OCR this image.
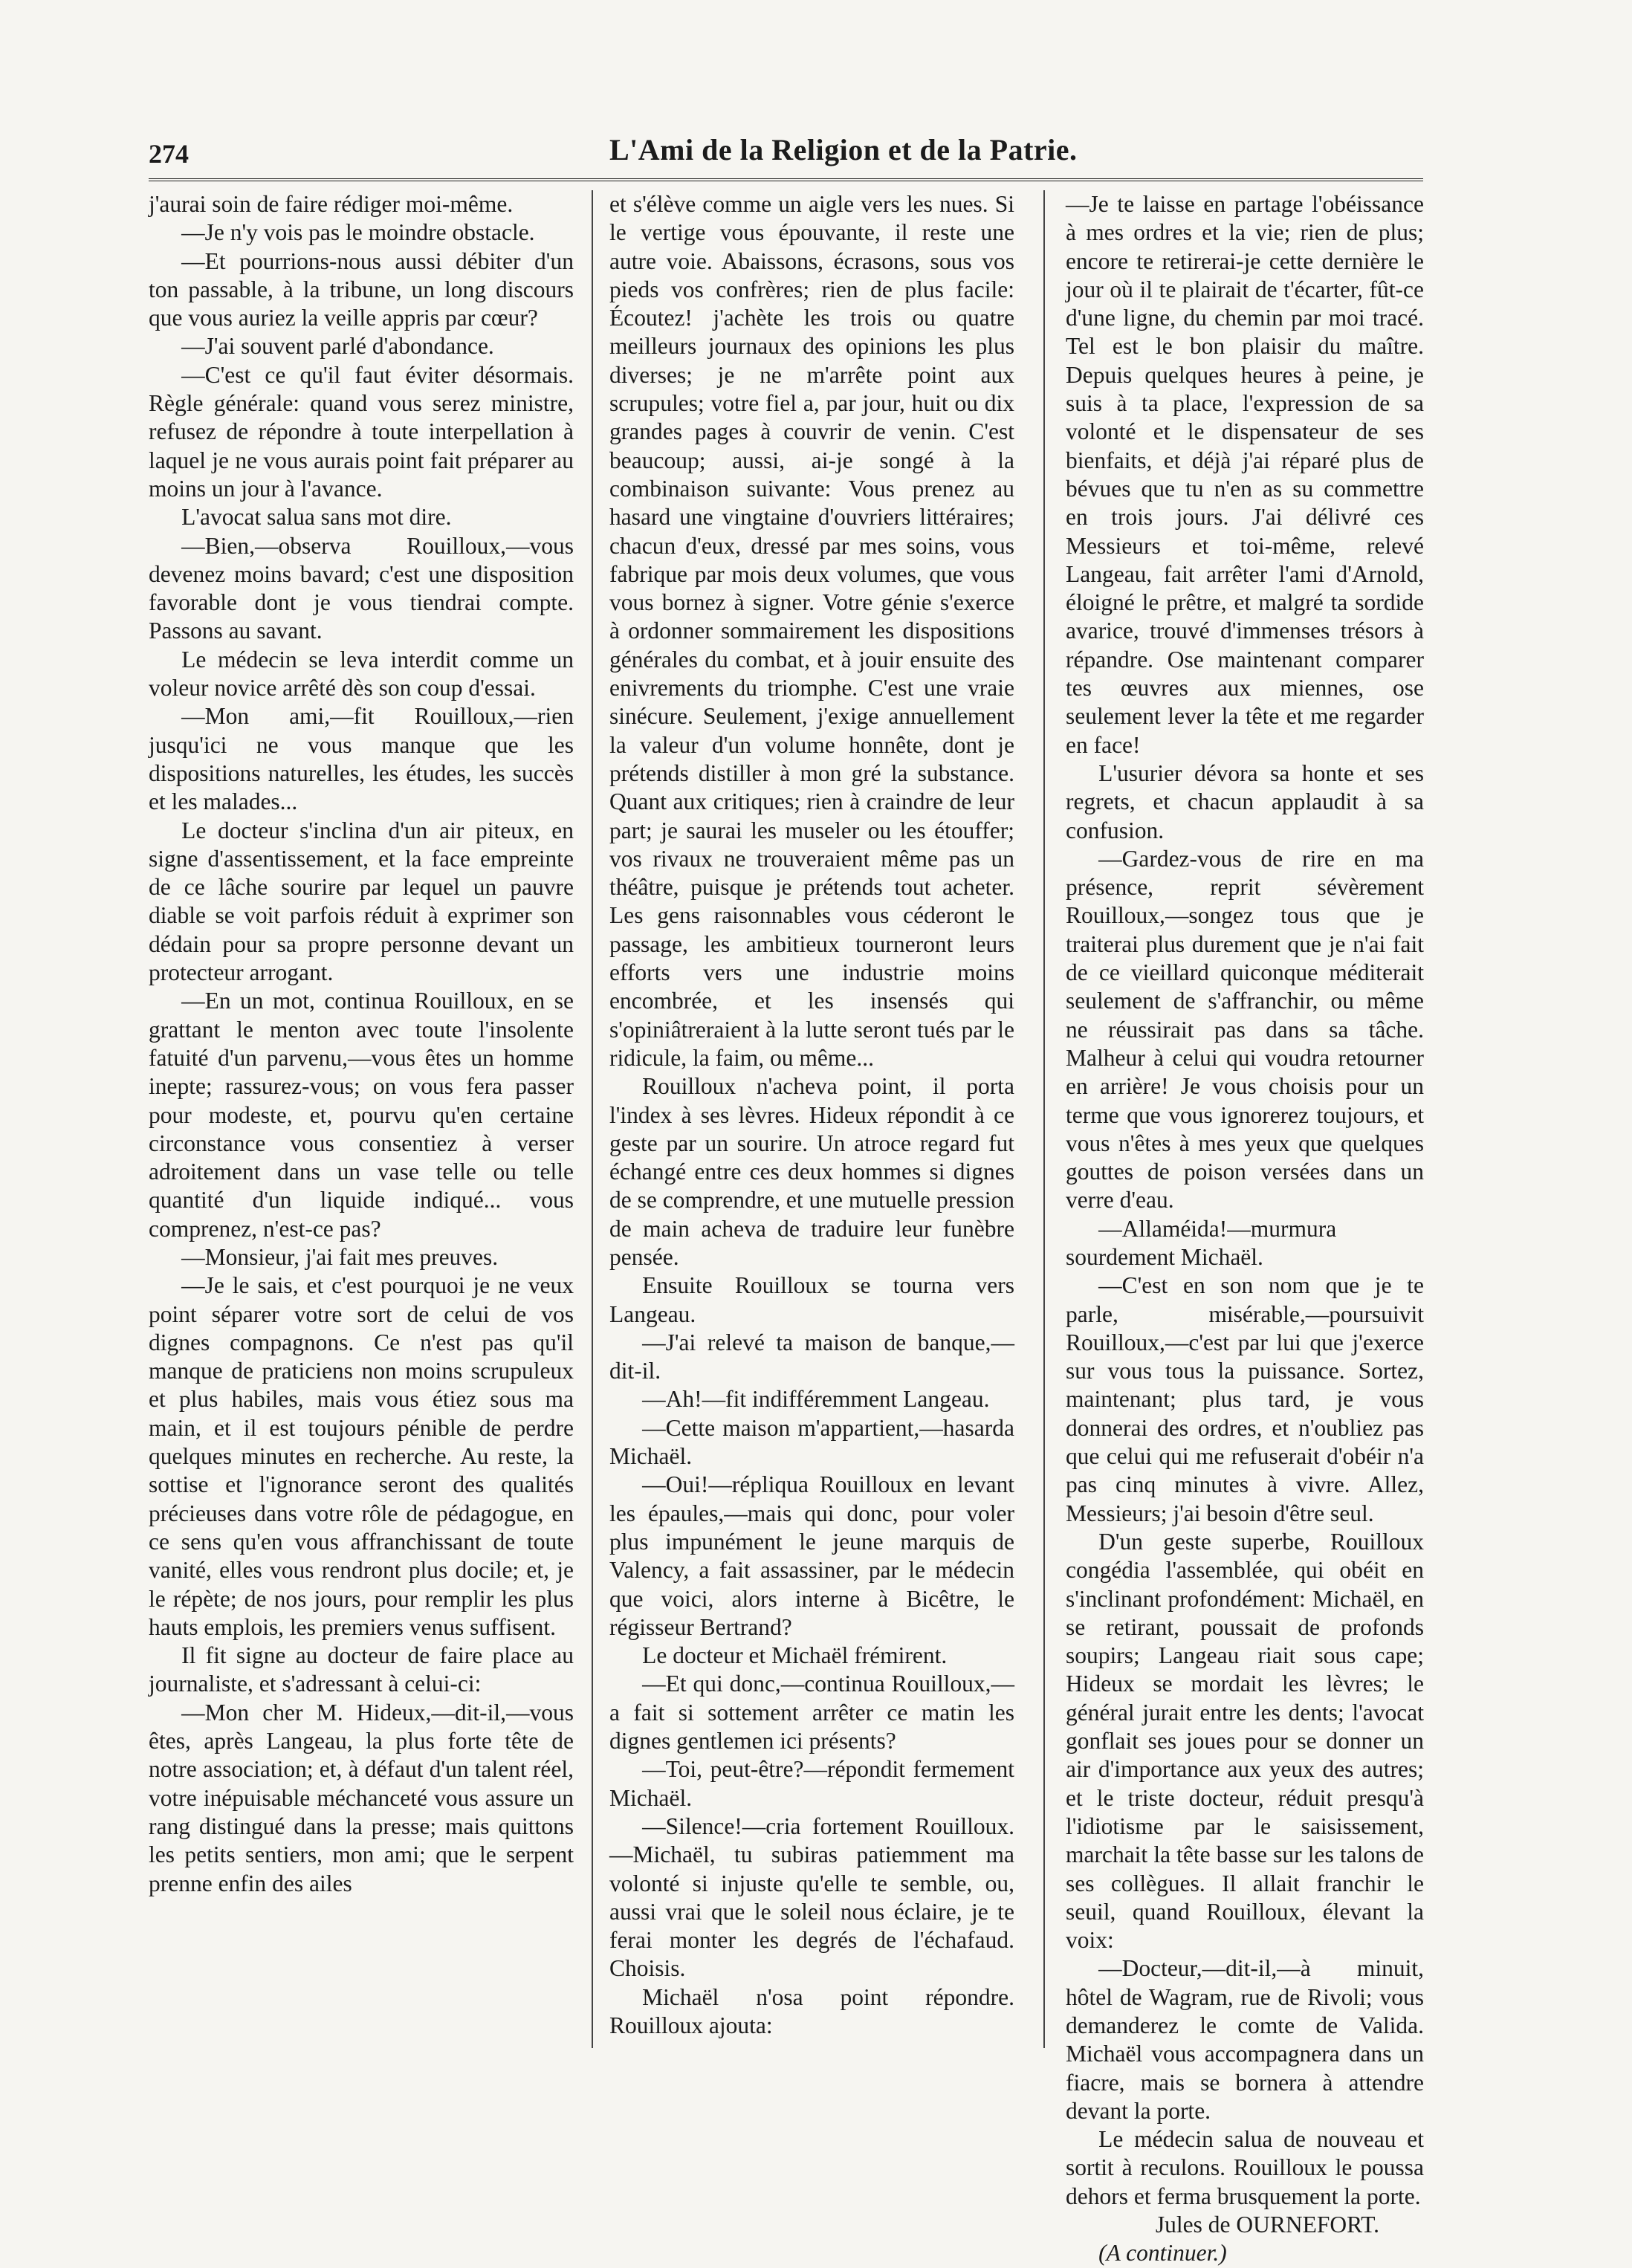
274	L'Ami de la Religion et de la Patrie.

j'aurai soin de faire rédiger moi-même.

—Je n'y vois pas le moindre obstacle.

—Et pourrions-nous aussi débiter d'un ton passable, à la tribune, un long discours que vous auriez la veille appris par cœur?

—J'ai souvent parlé d'abondance.

—C'est ce qu'il faut éviter désormais. Règle générale: quand vous serez ministre, refusez de répondre à toute interpellation à laquel je ne vous aurais point fait préparer au moins un jour à l'avance.

L'avocat salua sans mot dire.

—Bien,—observa Rouilloux,—vous devenez moins bavard; c'est une disposition favorable dont je vous tiendrai compte. Passons au savant.

Le médecin se leva interdit comme un voleur novice arrêté dès son coup d'essai.

—Mon ami,—fit Rouilloux,—rien jusqu'ici ne vous manque que les dispositions naturelles, les études, les succès et les malades...

Le docteur s'inclina d'un air piteux, en signe d'assentissement, et la face empreinte de ce lâche sourire par lequel un pauvre diable se voit parfois réduit à exprimer son dédain pour sa propre personne devant un protecteur arrogant.

—En un mot, continua Rouilloux, en se grattant le menton avec toute l'insolente fatuité d'un parvenu,—vous êtes un homme inepte; rassurez-vous; on vous fera passer pour modeste, et, pourvu qu'en certaine circonstance vous consentiez à verser adroitement dans un vase telle ou telle quantité d'un liquide indiqué... vous comprenez, n'est-ce pas?

—Monsieur, j'ai fait mes preuves.

—Je le sais, et c'est pourquoi je ne veux point séparer votre sort de celui de vos dignes compagnons. Ce n'est pas qu'il manque de praticiens non moins scrupuleux et plus habiles, mais vous étiez sous ma main, et il est toujours pénible de perdre quelques minutes en recherche. Au reste, la sottise et l'ignorance seront des qualités précieuses dans votre rôle de pédagogue, en ce sens qu'en vous affranchissant de toute vanité, elles vous rendront plus docile; et, je le répète; de nos jours, pour remplir les plus hauts emplois, les premiers venus suffisent.

Il fit signe au docteur de faire place au journaliste, et s'adressant à celui-ci:

—Mon cher M. Hideux,—dit-il,—vous êtes, après Langeau, la plus forte tête de notre association; et, à défaut d'un talent réel, votre inépuisable méchanceté vous assure un rang distingué dans la presse; mais quittons les petits sentiers, mon ami; que le serpent prenne enfin des ailes

et s'élève comme un aigle vers les nues. Si le vertige vous épouvante, il reste une autre voie. Abaissons, écrasons, sous vos pieds vos confrères; rien de plus facile: Écoutez! j'achète les trois ou quatre meilleurs journaux des opinions les plus diverses; je ne m'arrête point aux scrupules; votre fiel a, par jour, huit ou dix grandes pages à couvrir de venin. C'est beaucoup; aussi, ai-je songé à la combinaison suivante: Vous prenez au hasard une vingtaine d'ouvriers littéraires; chacun d'eux, dressé par mes soins, vous fabrique par mois deux volumes, que vous vous bornez à signer. Votre génie s'exerce à ordonner sommairement les dispositions générales du combat, et à jouir ensuite des enivrements du triomphe. C'est une vraie sinécure. Seulement, j'exige annuellement la valeur d'un volume honnête, dont je prétends distiller à mon gré la substance. Quant aux critiques; rien à craindre de leur part; je saurai les museler ou les étouffer; vos rivaux ne trouveraient même pas un théâtre, puisque je prétends tout acheter. Les gens raisonnables vous céderont le passage, les ambitieux tourneront leurs efforts vers une industrie moins encombrée, et les insensés qui s'opiniâtreraient à la lutte seront tués par le ridicule, la faim, ou même...

Rouilloux n'acheva point, il porta l'index à ses lèvres. Hideux répondit à ce geste par un sourire. Un atroce regard fut échangé entre ces deux hommes si dignes de se comprendre, et une mutuelle pression de main acheva de traduire leur funèbre pensée.

Ensuite Rouilloux se tourna vers Langeau.

—J'ai relevé ta maison de banque,—dit-il.

—Ah!—fit indifféremment Langeau.

—Cette maison m'appartient,—hasarda Michaël.

—Oui!—répliqua Rouilloux en levant les épaules,—mais qui donc, pour voler plus impunément le jeune marquis de Valency, a fait assassiner, par le médecin que voici, alors interne à Bicêtre, le régisseur Bertrand?

Le docteur et Michaël frémirent.

—Et qui donc,—continua Rouilloux,—a fait si sottement arrêter ce matin les dignes gentlemen ici présents?

—Toi, peut-être?—répondit fermement Michaël.

—Silence!—cria fortement Rouilloux.—Michaël, tu subiras patiemment ma volonté si injuste qu'elle te semble, ou, aussi vrai que le soleil nous éclaire, je te ferai monter les degrés de l'échafaud. Choisis.

Michaël n'osa point répondre. Rouilloux ajouta:

—Je te laisse en partage l'obéissance à mes ordres et la vie; rien de plus; encore te retirerai-je cette dernière le jour où il te plairait de t'écarter, fût-ce d'une ligne, du chemin par moi tracé. Tel est le bon plaisir du maître. Depuis quelques heures à peine, je suis à ta place, l'expression de sa volonté et le dispensateur de ses bienfaits, et déjà j'ai réparé plus de bévues que tu n'en as su commettre en trois jours. J'ai délivré ces Messieurs et toi-même, relevé Langeau, fait arrêter l'ami d'Arnold, éloigné le prêtre, et malgré ta sordide avarice, trouvé d'immenses trésors à répandre. Ose maintenant comparer tes œuvres aux miennes, ose seulement lever la tête et me regarder en face!

L'usurier dévora sa honte et ses regrets, et chacun applaudit à sa confusion.

—Gardez-vous de rire en ma présence, reprit sévèrement Rouilloux,—songez tous que je traiterai plus durement que je n'ai fait de ce vieillard quiconque méditerait seulement de s'affranchir, ou même ne réussirait pas dans sa tâche. Malheur à celui qui voudra retourner en arrière! Je vous choisis pour un terme que vous ignorerez toujours, et vous n'êtes à mes yeux que quelques gouttes de poison versées dans un verre d'eau.

—Allaméida!—murmura sourdement Michaël.

—C'est en son nom que je te parle, misérable,—poursuivit Rouilloux,—c'est par lui que j'exerce sur vous tous la puissance. Sortez, maintenant; plus tard, je vous donnerai des ordres, et n'oubliez pas que celui qui me refuserait d'obéir n'a pas cinq minutes à vivre. Allez, Messieurs; j'ai besoin d'être seul.

D'un geste superbe, Rouilloux congédia l'assemblée, qui obéit en s'inclinant profondément: Michaël, en se retirant, poussait de profonds soupirs; Langeau riait sous cape; Hideux se mordait les lèvres; le général jurait entre les dents; l'avocat gonflait ses joues pour se donner un air d'importance aux yeux des autres; et le triste docteur, réduit presqu'à l'idiotisme par le saisissement, marchait la tête basse sur les talons de ses collègues. Il allait franchir le seuil, quand Rouilloux, élevant la voix:

—Docteur,—dit-il,—à minuit, hôtel de Wagram, rue de Rivoli; vous demanderez le comte de Valida. Michaël vous accompagnera dans un fiacre, mais se bornera à attendre devant la porte.

Le médecin salua de nouveau et sortit à reculons. Rouilloux le poussa dehors et ferma brusquement la porte.

Jules de OURNEFORT.

(A continuer.)
